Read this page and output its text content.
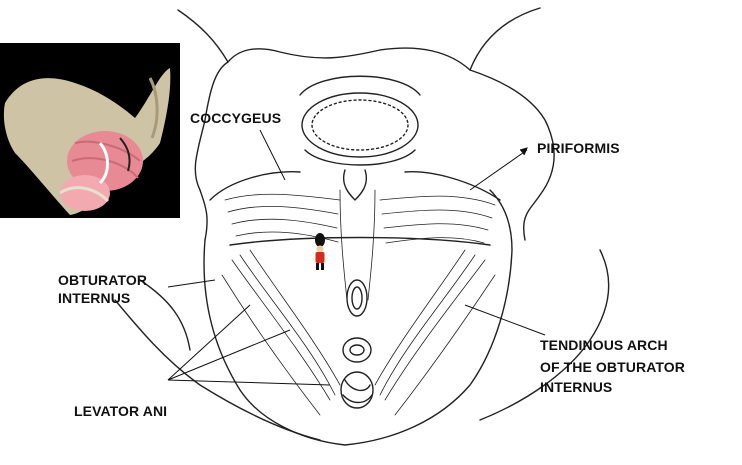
COCCYGEUS
PIRIFORMIS
OBTURATOR
INTERNUS
TENDINOUS ARCH
OF THE OBTURATOR
INTERNUS
LEVATOR ANI
